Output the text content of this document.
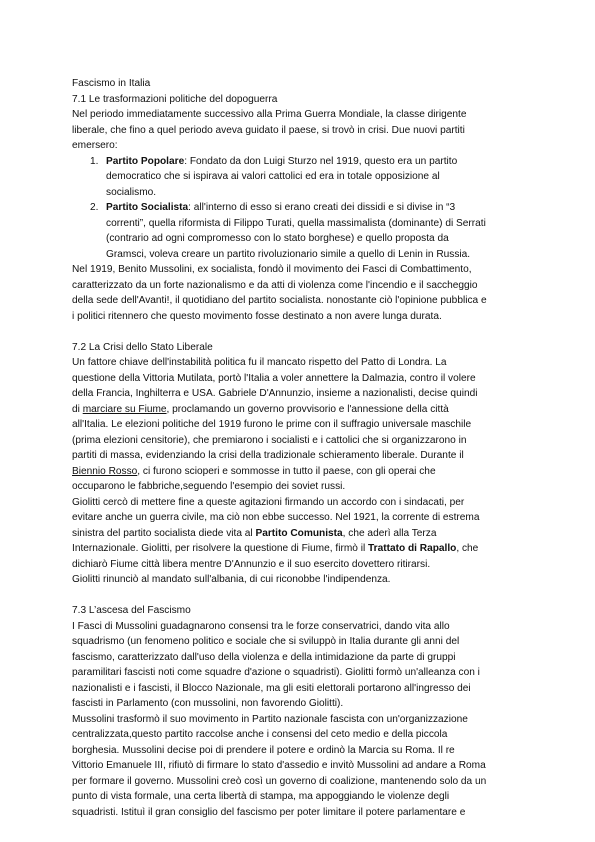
Fascismo in Italia
7.1 Le trasformazioni politiche del dopoguerra
Nel periodo immediatamente successivo alla Prima Guerra Mondiale, la classe dirigente
liberale, che fino a quel periodo aveva guidato il paese, si trovò in crisi. Due nuovi partiti
emersero:
1. Partito Popolare: Fondato da don Luigi Sturzo nel 1919, questo era un partito
democratico che si ispirava ai valori cattolici ed era in totale opposizione al
socialismo.
2. Partito Socialista: all'interno di esso si erano creati dei dissidi e si divise in “3
correnti”, quella riformista di Filippo Turati, quella massimalista (dominante) di Serrati
(contrario ad ogni compromesso con lo stato borghese) e quello proposta da
Gramsci, voleva creare un partito rivoluzionario simile a quello di Lenin in Russia.
Nel 1919, Benito Mussolini, ex socialista, fondò il movimento dei Fasci di Combattimento,
caratterizzato da un forte nazionalismo e da atti di violenza come l'incendio e il saccheggio
della sede dell'Avanti!, il quotidiano del partito socialista. nonostante ciò l'opinione pubblica e
i politici ritennero che questo movimento fosse destinato a non avere lunga durata.
7.2 La Crisi dello Stato Liberale
Un fattore chiave dell'instabilità politica fu il mancato rispetto del Patto di Londra. La
questione della Vittoria Mutilata, portò l'Italia a voler annettere la Dalmazia, contro il volere
della Francia, Inghilterra e USA. Gabriele D'Annunzio, insieme a nazionalisti, decise quindi
di marciare su Fiume, proclamando un governo provvisorio e l'annessione della città
all'Italia. Le elezioni politiche del 1919 furono le prime con il suffragio universale maschile
(prima elezioni censitorie), che premiarono i socialisti e i cattolici che si organizzarono in
partiti di massa, evidenziando la crisi della tradizionale schieramento liberale. Durante il
Biennio Rosso, ci furono scioperi e sommosse in tutto il paese, con gli operai che
occuparono le fabbriche,seguendo l'esempio dei soviet russi.
Giolitti cercò di mettere fine a queste agitazioni firmando un accordo con i sindacati, per
evitare anche un guerra civile, ma ciò non ebbe successo. Nel 1921, la corrente di estrema
sinistra del partito socialista diede vita al Partito Comunista, che aderì alla Terza
Internazionale. Giolitti, per risolvere la questione di Fiume, firmò il Trattato di Rapallo, che
dichiarò Fiume città libera mentre D'Annunzio e il suo esercito dovettero ritirarsi.
Giolitti rinunciò al mandato sull'albania, di cui riconobbe l'indipendenza.
7.3 L’ascesa del Fascismo
I Fasci di Mussolini guadagnarono consensi tra le forze conservatrici, dando vita allo
squadrismo (un fenomeno politico e sociale che si sviluppò in Italia durante gli anni del
fascismo, caratterizzato dall'uso della violenza e della intimidazione da parte di gruppi
paramilitari fascisti noti come squadre d'azione o squadristi). Giolitti formò un'alleanza con i
nazionalisti e i fascisti, il Blocco Nazionale, ma gli esiti elettorali portarono all'ingresso dei
fascisti in Parlamento (con mussolini, non favorendo Giolitti).
Mussolini trasformò il suo movimento in Partito nazionale fascista con un'organizzazione
centralizzata,questo partito raccolse anche i consensi del ceto medio e della piccola
borghesia. Mussolini decise poi di prendere il potere e ordinò la Marcia su Roma. Il re
Vittorio Emanuele III, rifiutò di firmare lo stato d'assedio e invitò Mussolini ad andare a Roma
per formare il governo. Mussolini creò così un governo di coalizione, mantenendo solo da un
punto di vista formale, una certa libertà di stampa, ma appoggiando le violenze degli
squadristi. Istituì il gran consiglio del fascismo per poter limitare il potere parlamentare e
